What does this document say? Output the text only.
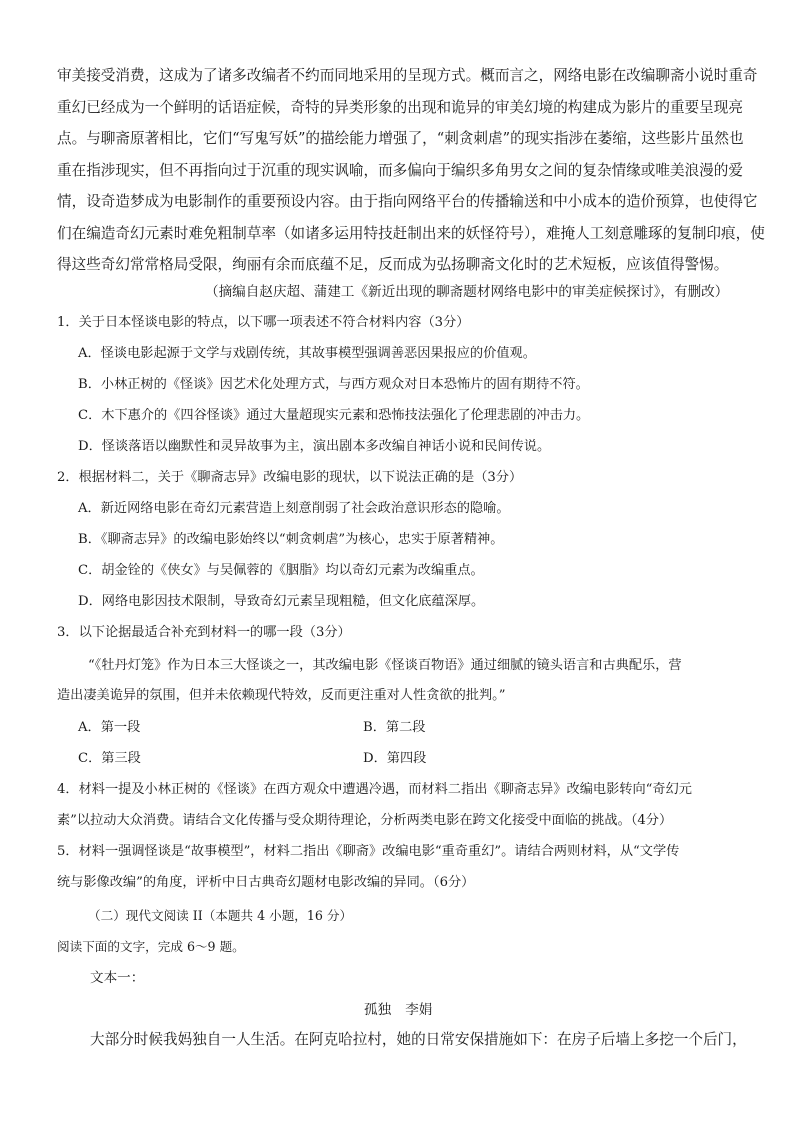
审美接受消费，这成为了诸多改编者不约而同地采用的呈现方式。概而言之，网络电影在改编聊斋小说时重奇
重幻已经成为一个鲜明的话语症候，奇特的异类形象的出现和诡异的审美幻境的构建成为影片的重要呈现亮
点。与聊斋原著相比，它们“写鬼写妖”的描绘能力增强了，“刺贪刺虐”的现实指涉在萎缩，这些影片虽然也
重在指涉现实，但不再指向过于沉重的现实讽喻，而多偏向于编织多角男女之间的复杂情缘或唯美浪漫的爱
情，设奇造梦成为电影制作的重要预设内容。由于指向网络平台的传播输送和中小成本的造价预算，也使得它
们在编造奇幻元素时难免粗制草率（如诸多运用特技赶制出来的妖怪符号），难掩人工刻意雕琢的复制印痕，使
得这些奇幻常常格局受限，绚丽有余而底蕴不足，反而成为弘扬聊斋文化时的艺术短板，应该值得警惕。
（摘编自赵庆超、蒲建工《新近出现的聊斋题材网络电影中的审美症候探讨》，有删改）
1．关于日本怪谈电影的特点，以下哪一项表述不符合材料内容（3分）
A．怪谈电影起源于文学与戏剧传统，其故事模型强调善恶因果报应的价值观。
B．小林正树的《怪谈》因艺术化处理方式，与西方观众对日本恐怖片的固有期待不符。
C．木下惠介的《四谷怪谈》通过大量超现实元素和恐怖技法强化了伦理悲剧的冲击力。
D．怪谈落语以幽默性和灵异故事为主，演出剧本多改编自神话小说和民间传说。
2．根据材料二，关于《聊斋志异》改编电影的现状，以下说法正确的是（3分）
A．新近网络电影在奇幻元素营造上刻意削弱了社会政治意识形态的隐喻。
B．《聊斋志异》的改编电影始终以“刺贪刺虐”为核心，忠实于原著精神。
C．胡金铨的《侠女》与吴佩蓉的《胭脂》均以奇幻元素为改编重点。
D．网络电影因技术限制，导致奇幻元素呈现粗糙，但文化底蕴深厚。
3．以下论据最适合补充到材料一的哪一段（3分）
“《牡丹灯笼》作为日本三大怪谈之一，其改编电影《怪谈百物语》通过细腻的镜头语言和古典配乐，营
造出凄美诡异的氛围，但并未依赖现代特效，反而更注重对人性贪欲的批判。”
A．第一段	B．第二段
C．第三段	D．第四段
4．材料一提及小林正树的《怪谈》在西方观众中遭遇冷遇，而材料二指出《聊斋志异》改编电影转向“奇幻元
素”以拉动大众消费。请结合文化传播与受众期待理论，分析两类电影在跨文化接受中面临的挑战。（4分）
5．材料一强调怪谈是“故事模型”，材料二指出《聊斋》改编电影“重奇重幻”。请结合两则材料，从“文学传
统与影像改编”的角度，评析中日古典奇幻题材电影改编的异同。（6分）
（二）现代文阅读 II（本题共 4 小题，16 分）
阅读下面的文字，完成 6～9 题。
文本一：
孤独 李娟
大部分时候我妈独自一人生活。在阿克哈拉村，她的日常安保措施如下：在房子后墙上多挖一个后门，
